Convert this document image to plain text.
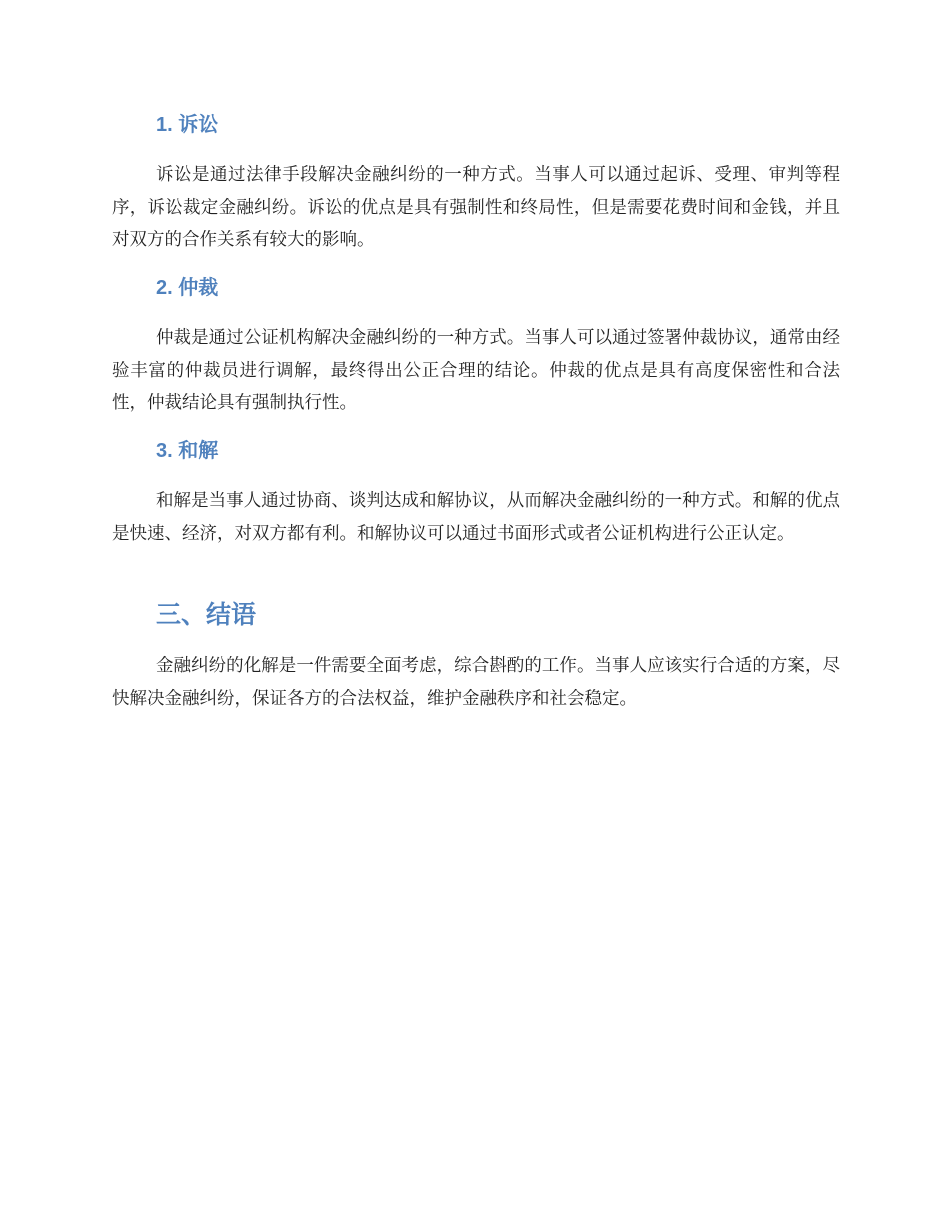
1. 诉讼

诉讼是通过法律手段解决金融纠纷的一种方式。当事人可以通过起诉、受理、审判等程序，诉讼裁定金融纠纷。诉讼的优点是具有强制性和终局性，但是需要花费时间和金钱，并且对双方的合作关系有较大的影响。

2. 仲裁

仲裁是通过公证机构解决金融纠纷的一种方式。当事人可以通过签署仲裁协议，通常由经验丰富的仲裁员进行调解，最终得出公正合理的结论。仲裁的优点是具有高度保密性和合法性，仲裁结论具有强制执行性。

3. 和解

和解是当事人通过协商、谈判达成和解协议，从而解决金融纠纷的一种方式。和解的优点是快速、经济，对双方都有利。和解协议可以通过书面形式或者公证机构进行公正认定。

三、结语

金融纠纷的化解是一件需要全面考虑，综合斟酌的工作。当事人应该实行合适的方案，尽快解决金融纠纷，保证各方的合法权益，维护金融秩序和社会稳定。
